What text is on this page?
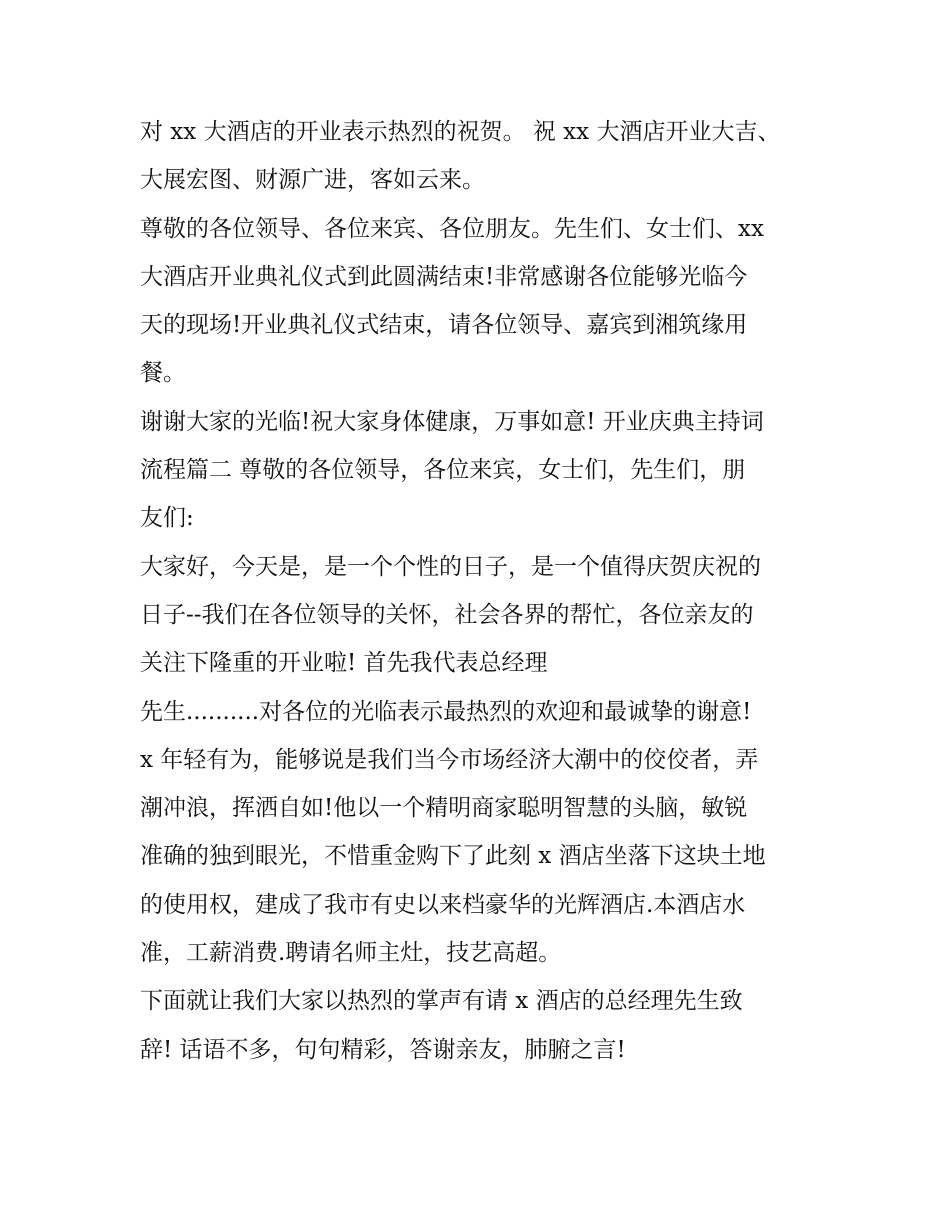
对 xx 大酒店的开业表示热烈的祝贺。 祝 xx 大酒店开业大吉、
大展宏图、财源广进，客如云来。
尊敬的各位领导、各位来宾、各位朋友。先生们、女士们、xx
大酒店开业典礼仪式到此圆满结束!非常感谢各位能够光临今
天的现场!开业典礼仪式结束，请各位领导、嘉宾到湘筑缘用
餐。
谢谢大家的光临!祝大家身体健康，万事如意! 开业庆典主持词
流程篇二 尊敬的各位领导，各位来宾，女士们，先生们，朋
友们:
大家好，今天是，是一个个性的日子，是一个值得庆贺庆祝的
日子--我们在各位领导的关怀，社会各界的帮忙，各位亲友的
关注下隆重的开业啦! 首先我代表总经理
先生..........对各位的光临表示最热烈的欢迎和最诚挚的谢意!
x 年轻有为，能够说是我们当今市场经济大潮中的佼佼者，弄
潮冲浪，挥洒自如!他以一个精明商家聪明智慧的头脑，敏锐
准确的独到眼光，不惜重金购下了此刻 x 酒店坐落下这块土地
的使用权，建成了我市有史以来档豪华的光辉酒店.本酒店水
准，工薪消费.聘请名师主灶，技艺高超。
下面就让我们大家以热烈的掌声有请 x 酒店的总经理先生致
辞! 话语不多，句句精彩，答谢亲友，肺腑之言!
